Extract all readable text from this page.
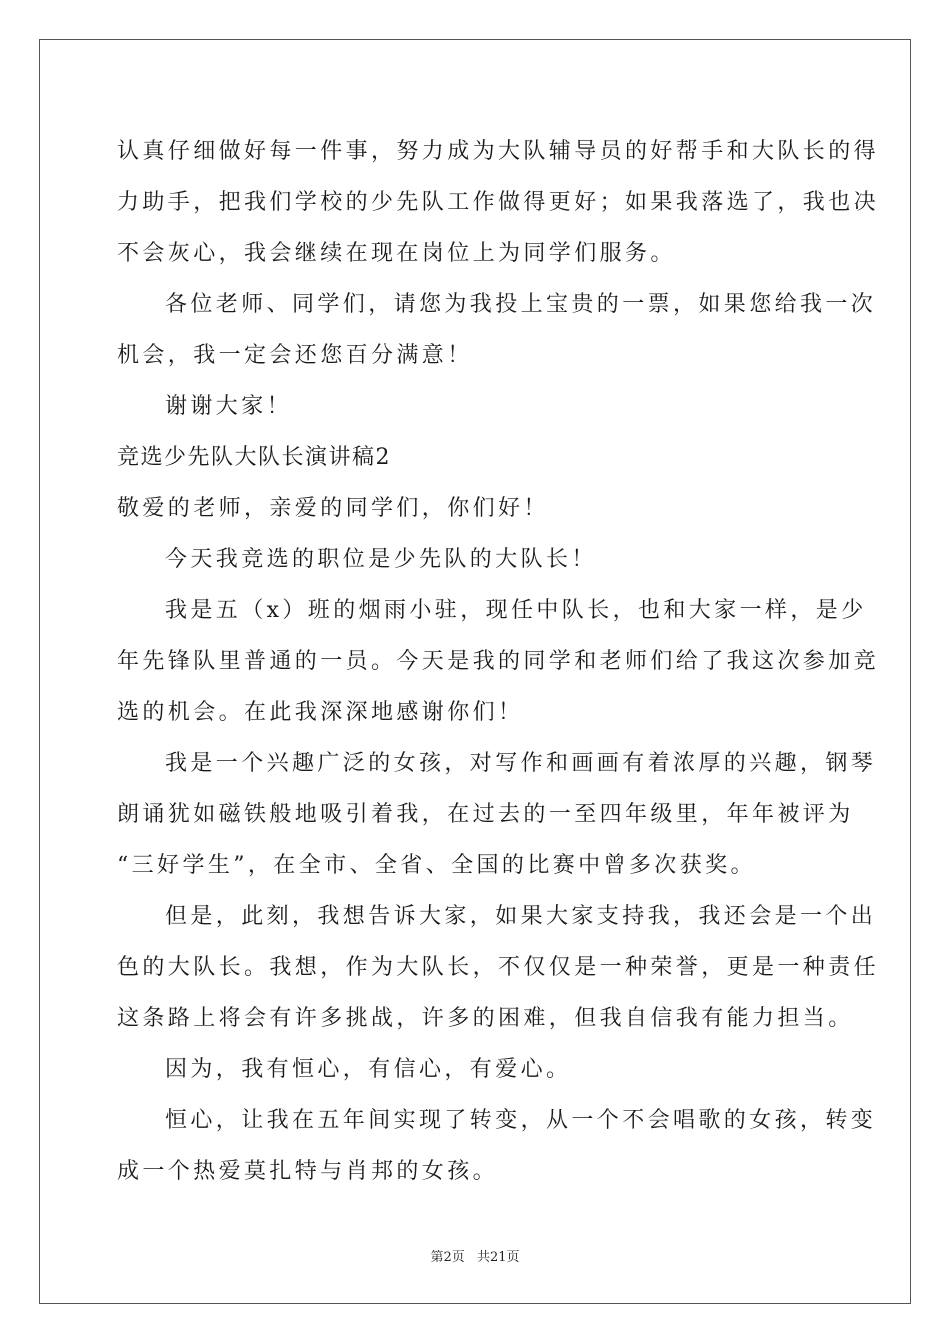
认真仔细做好每一件事，努力成为大队辅导员的好帮手和大队长的得
力助手，把我们学校的少先队工作做得更好；如果我落选了，我也决
不会灰心，我会继续在现在岗位上为同学们服务。
各位老师、同学们，请您为我投上宝贵的一票，如果您给我一次
机会，我一定会还您百分满意！
谢谢大家！
竞选少先队大队长演讲稿2
敬爱的老师，亲爱的同学们，你们好！
今天我竞选的职位是少先队的大队长！
我是五（x）班的烟雨小驻，现任中队长，也和大家一样，是少
年先锋队里普通的一员。今天是我的同学和老师们给了我这次参加竞
选的机会。在此我深深地感谢你们！
我是一个兴趣广泛的女孩，对写作和画画有着浓厚的兴趣，钢琴
朗诵犹如磁铁般地吸引着我，在过去的一至四年级里，年年被评为
“三好学生”，在全市、全省、全国的比赛中曾多次获奖。
但是，此刻，我想告诉大家，如果大家支持我，我还会是一个出
色的大队长。我想，作为大队长，不仅仅是一种荣誉，更是一种责任
这条路上将会有许多挑战，许多的困难，但我自信我有能力担当。
因为，我有恒心，有信心，有爱心。
恒心，让我在五年间实现了转变，从一个不会唱歌的女孩，转变
成一个热爱莫扎特与肖邦的女孩。
第2页 共21页
